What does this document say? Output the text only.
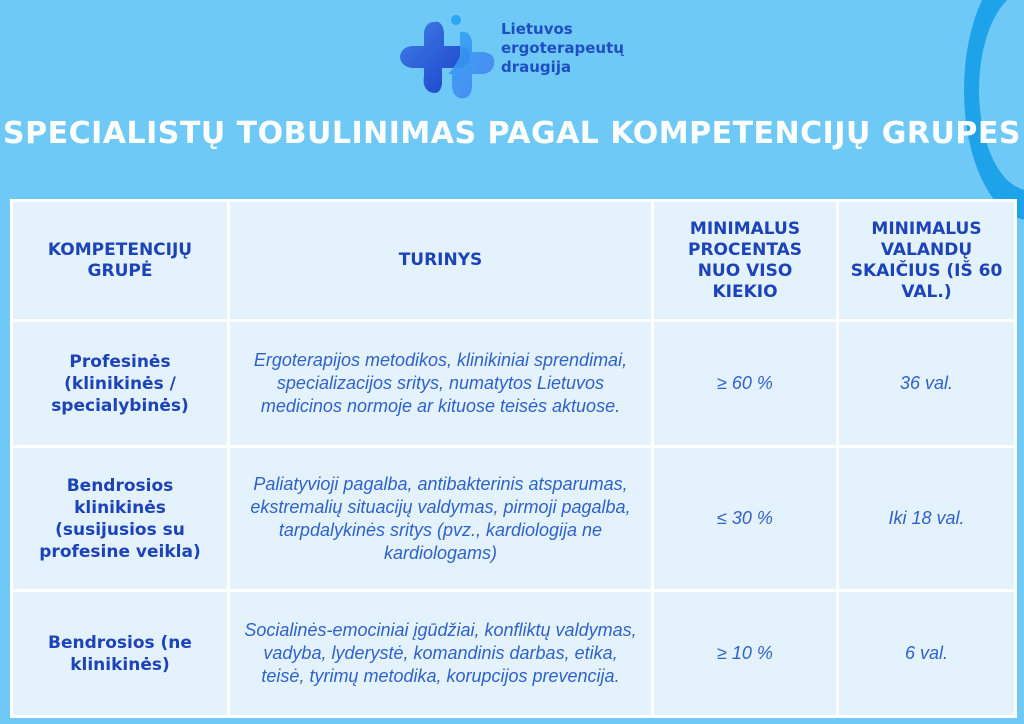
Lietuvos
ergoterapeutų
draugija
SPECIALISTŲ TOBULINIMAS PAGAL KOMPETENCIJŲ GRUPES
KOMPETENCIJŲ GRUPĖ	TURINYS	MINIMALUS PROCENTAS NUO VISO KIEKIO	MINIMALUS VALANDŲ SKAIČIUS (IŠ 60 VAL.)
Profesinės (klinikinės / specialybinės)	Ergoterapijos metodikos, klinikiniai sprendimai, specializacijos sritys, numatytos Lietuvos medicinos normoje ar kituose teisės aktuose.	≥ 60 %	36 val.
Bendrosios klinikinės (susijusios su profesine veikla)	Paliatyvioji pagalba, antibakterinis atsparumas, ekstremalių situacijų valdymas, pirmoji pagalba, tarpdalykinės sritys (pvz., kardiologija ne kardiologams)	≤ 30 %	Iki 18 val.
Bendrosios (ne klinikinės)	Socialinės-emociniai įgūdžiai, konfliktų valdymas, vadyba, lyderystė, komandinis darbas, etika, teisė, tyrimų metodika, korupcijos prevencija.	≥ 10 %	6 val.
